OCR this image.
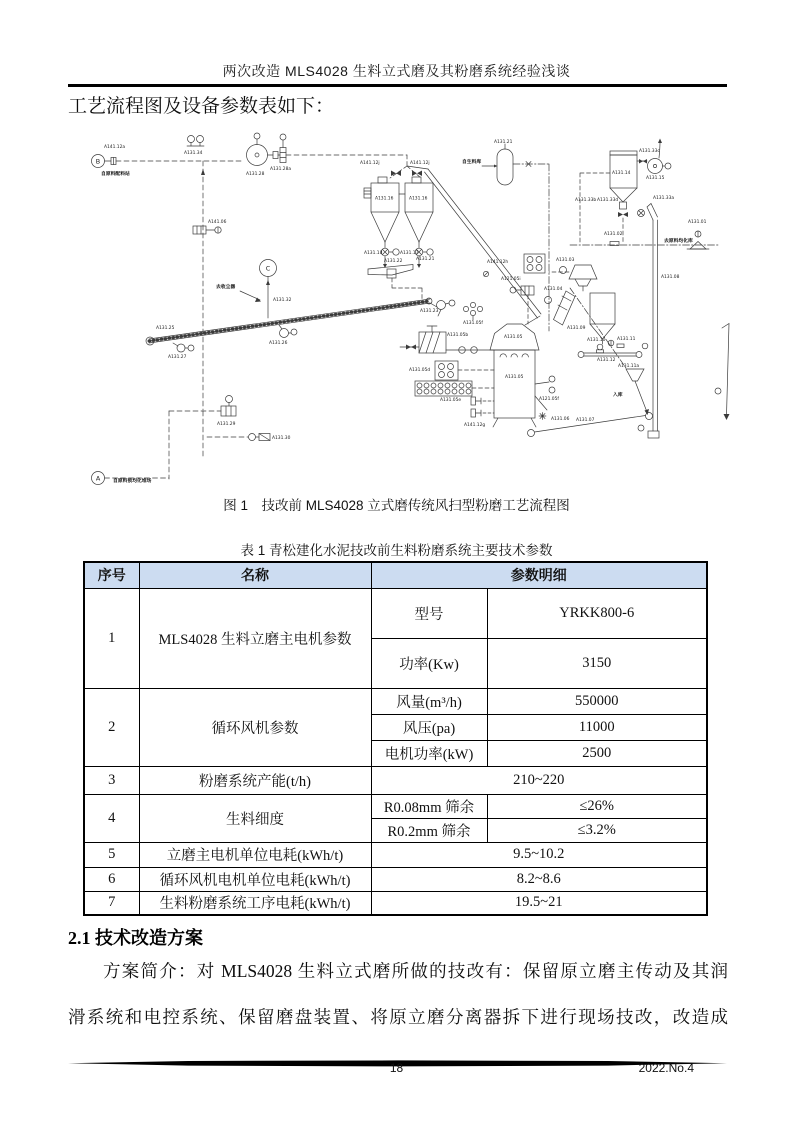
两次改造 MLS4028 生料立式磨及其粉磨系统经验浅谈
工艺流程图及设备参数表如下：
A141.12a
A131.34
A131.28
A131.28a
A141.12j	A141.12j
A131.16	A131.16
A131.18	A131.17
A131.22	A131.21
A141.06
A131.32
A131.25
A131.26
A131.27
A131.23
A131.29
A131.30
A131.21
自生料库
A131.14
A131.33c
A131.15
A131.33b A131.33d	A131.33a
A131.08
A131.01
去原料均化库
A131.02
A131.03
A131.04
A131.09
A131.10	A131.11
A131.12
A131.11a
入库
A141.12h
A121.05i
A131.05
A131.05
A131.05b
A131.05d
A131.05e
A141.12g
A121.05f
A131.06 A131.07
去收尘器
自原料配料站
自原料预均化堆场
B
C
A
A131.05f
图 1　技改前 MLS4028 立式磨传统风扫型粉磨工艺流程图
表 1 青松建化水泥技改前生料粉磨系统主要技术参数
序号	名称	参数明细	
1	MLS4028 生料立磨主电机参数	型号	YRKK800-6
		功率(Kw)	3150
2	循环风机参数	风量(m³/h)	550000
		风压(pa)	11000
		电机功率(kW)	2500
3	粉磨系统产能(t/h)	210~220	
4	生料细度	R0.08mm 筛余	≤26%
		R0.2mm 筛余	≤3.2%
5	立磨主电机单位电耗(kWh/t)	9.5~10.2	
6	循环风机电机单位电耗(kWh/t)	8.2~8.6	
7	生料粉磨系统工序电耗(kWh/t)	19.5~21	
2.1 技术改造方案
方案简介：对 MLS4028 生料立式磨所做的技改有：保留原立磨主传动及其润
滑系统和电控系统、保留磨盘装置、将原立磨分离器拆下进行现场技改，改造成
18	2022.No.4
